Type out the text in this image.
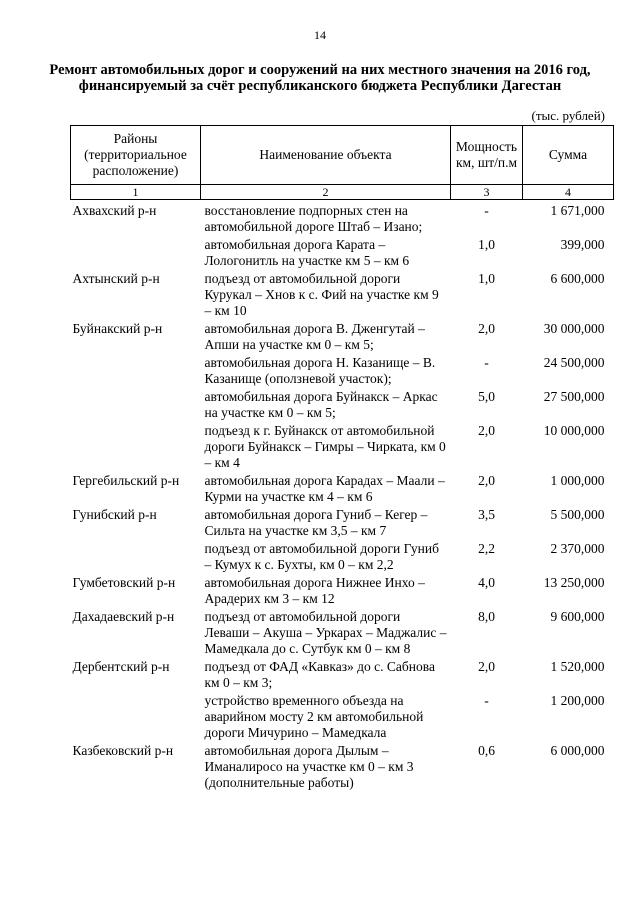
14
Ремонт автомобильных дорог и сооружений на них местного значения на 2016 год,
финансируемый за счёт республиканского бюджета Республики Дагестан
(тыс. рублей)
Районы (территориальное расположение)	Наименование объекта	Мощность км, шт/п.м	Сумма
1	2	3	4
Ахвахский р-н	восстановление подпорных стен на автомобильной дороге Штаб – Изано;	-	1 671,000
	автомобильная дорога Карата – Лологонитль на участке км 5 – км 6	1,0	399,000
Ахтынский р-н	подъезд от автомобильной дороги Курукал – Хнов к с. Фий на участке км 9 – км 10	1,0	6 600,000
Буйнакский р-н	автомобильная дорога В. Дженгутай – Апши на участке км 0 – км 5;	2,0	30 000,000
	автомобильная дорога Н. Казанище – В. Казанище (оползневой участок);	-	24 500,000
	автомобильная дорога Буйнакск – Аркас на участке км 0 – км 5;	5,0	27 500,000
	подъезд к г. Буйнакск от автомобильной дороги Буйнакск – Гимры – Чирката, км 0 – км 4	2,0	10 000,000
Гергебильский р-н	автомобильная дорога Карадах – Маали – Курми на участке км 4 – км 6	2,0	1 000,000
Гунибский р-н	автомобильная дорога Гуниб – Кегер – Сильта на участке км 3,5 – км 7	3,5	5 500,000
	подъезд от автомобильной дороги Гуниб – Кумух к с. Бухты, км 0 – км 2,2	2,2	2 370,000
Гумбетовский р-н	автомобильная дорога Нижнее Инхо – Арадерих км 3 – км 12	4,0	13 250,000
Дахадаевский р-н	подъезд от автомобильной дороги Леваши – Акуша – Уркарах – Маджалис – Мамедкала до с. Сутбук км 0 – км 8	8,0	9 600,000
Дербентский р-н	подъезд от ФАД «Кавказ» до с. Сабнова км 0 – км 3;	2,0	1 520,000
	устройство временного объезда на аварийном мосту 2 км автомобильной дороги Мичурино – Мамедкала	-	1 200,000
Казбековский р-н	автомобильная дорога Дылым – Иманалиросо на участке км 0 – км 3 (дополнительные работы)	0,6	6 000,000
